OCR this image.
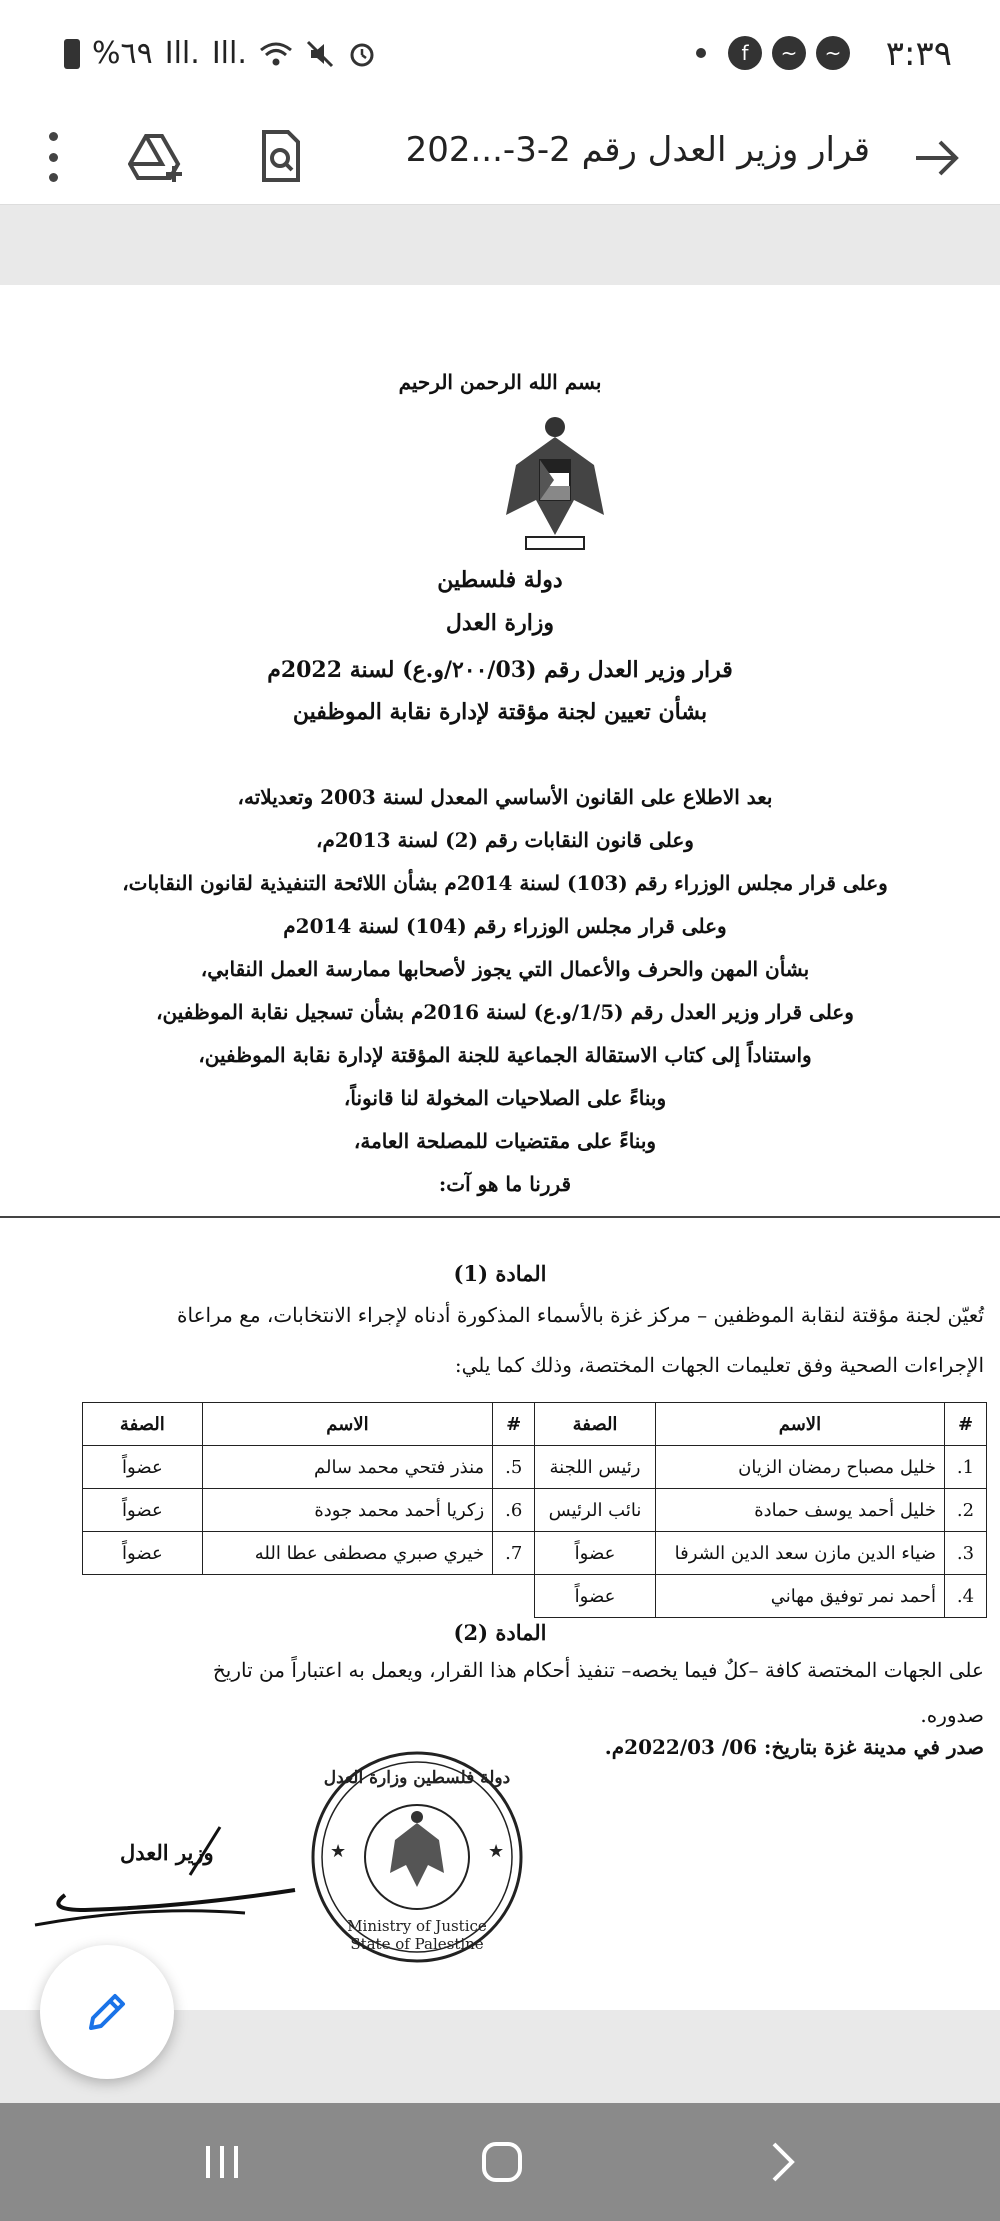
%٦٩ Ill. Ill.	f	~	~ ٣:٣٩
قرار وزير العدل رقم 2-3-...202
بسم الله الرحمن الرحيم
دولة فلسطين
وزارة العدل
قرار وزير العدل رقم (٢٠٠/03/و.ع) لسنة 2022م
بشأن تعيين لجنة مؤقتة لإدارة نقابة الموظفين
بعد الاطلاع على القانون الأساسي المعدل لسنة 2003 وتعديلاته،
وعلى قانون النقابات رقم (2) لسنة 2013م،
وعلى قرار مجلس الوزراء رقم (103) لسنة 2014م بشأن اللائحة التنفيذية لقانون النقابات،
وعلى قرار مجلس الوزراء رقم (104) لسنة 2014م
بشأن المهن والحرف والأعمال التي يجوز لأصحابها ممارسة العمل النقابي،
وعلى قرار وزير العدل رقم (1/5/و.ع) لسنة 2016م بشأن تسجيل نقابة الموظفين،
واستناداً إلى كتاب الاستقالة الجماعية للجنة المؤقتة لإدارة نقابة الموظفين،
وبناءً على الصلاحيات المخولة لنا قانوناً،
وبناءً على مقتضيات للمصلحة العامة،
قررنا ما هو آت:
المادة (1)
تُعيّن لجنة مؤقتة لنقابة الموظفين – مركز غزة بالأسماء المذكورة أدناه لإجراء الانتخابات، مع مراعاة
الإجراءات الصحية وفق تعليمات الجهات المختصة، وذلك كما يلي:
#	الاسم	الصفة	#	الاسم	الصفة
1.	خليل مصباح رمضان الزيان	رئيس اللجنة	5.	منذر فتحي محمد سالم	عضواً
2.	خليل أحمد يوسف حمادة	نائب الرئيس	6.	زكريا أحمد محمد جودة	عضواً
3.	ضياء الدين مازن سعد الدين الشرفا	عضواً	7.	خيري صبري مصطفى عطا الله	عضواً
4.	أحمد نمر توفيق مهاني	عضواً			
المادة (2)
على الجهات المختصة كافة –كلٌ فيما يخصه– تنفيذ أحكام هذا القرار، ويعمل به اعتباراً من تاريخ
صدوره.
صدر في مدينة غزة بتاريخ: 06/ 2022/03م.
★	★
دولة فلسطين وزارة العدل
Ministry of Justice
State of Palestine
وزير العدل
